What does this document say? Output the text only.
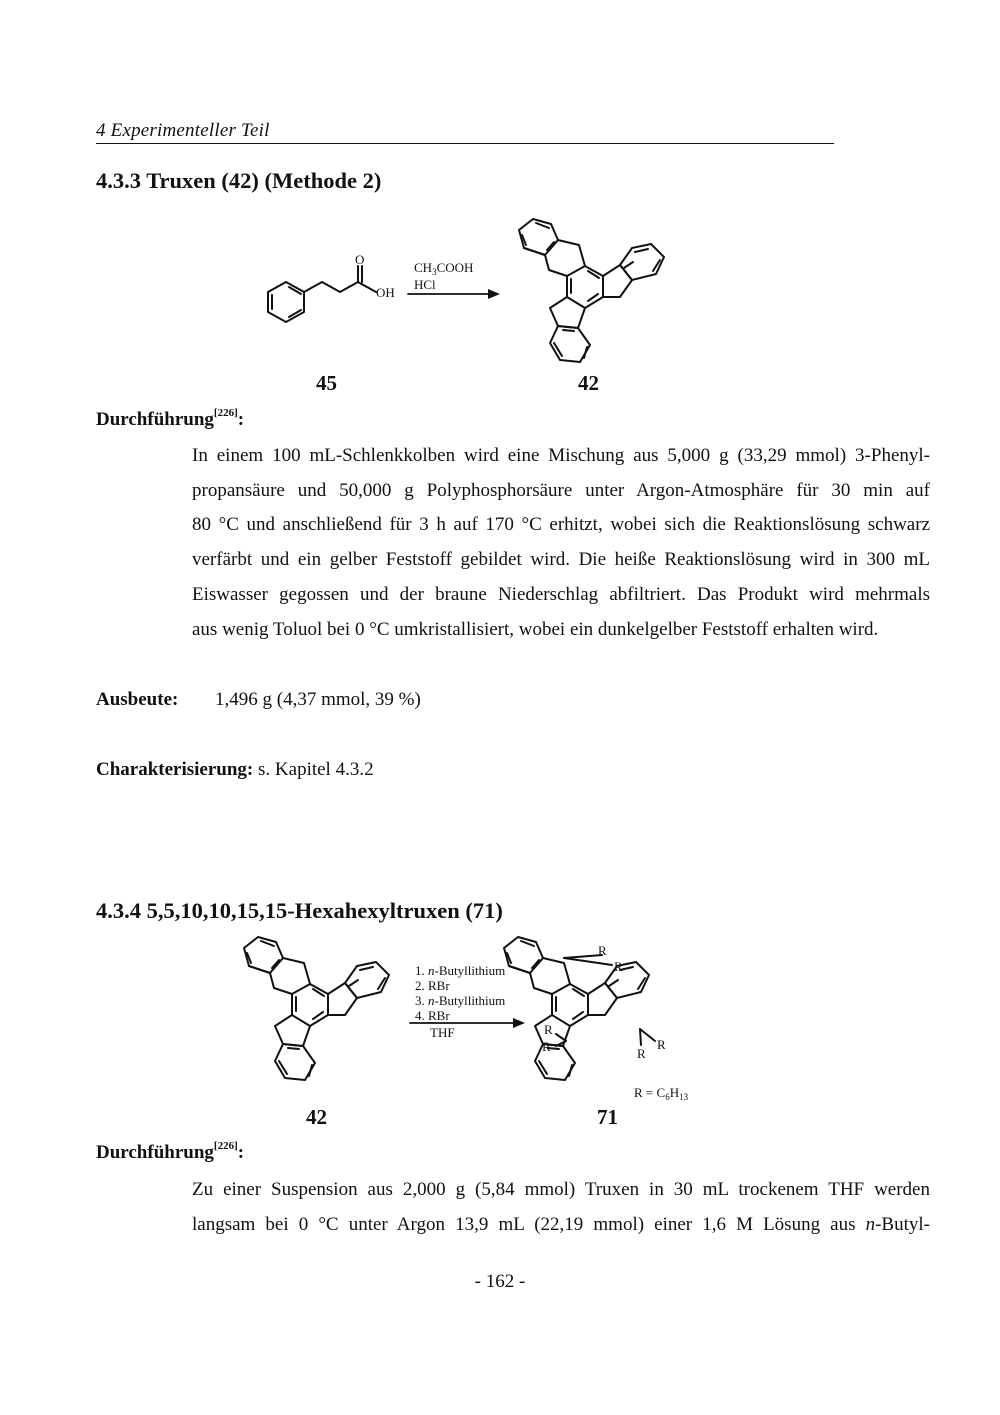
4 Experimenteller Teil
4.3.3 Truxen (42) (Methode 2)
O
OH
$CH_3COOH$
HCl
45	42
Durchführung[226]:

In einem 100 mL-Schlenkkolben wird eine Mischung aus 5,000 g (33,29 mmol) 3-Phenyl-

propansäure und 50,000 g Polyphosphorsäure unter Argon-Atmosphäre für 30 min auf

80 °C und anschließend für 3 h auf 170 °C erhitzt, wobei sich die Reaktionslösung schwarz

verfärbt und ein gelber Feststoff gebildet wird. Die heiße Reaktionslösung wird in 300 mL

Eiswasser gegossen und der braune Niederschlag abfiltriert. Das Produkt wird mehrmals

aus wenig Toluol bei 0 °C umkristallisiert, wobei ein dunkelgelber Feststoff erhalten wird.

Ausbeute: 1,496 g (4,37 mmol, 39 %)
Charakterisierung: s. Kapitel 4.3.2
4.3.4 5,5,10,10,15,15-Hexahexyltruxen (71)
1. n-Butyllithium
2. RBr
3. n-Butyllithium
4. RBr
THF
R
R
R
R
R
R
$R = C_6H_{13}$
42	71
Durchführung[226]:

Zu einer Suspension aus 2,000 g (5,84 mmol) Truxen in 30 mL trockenem THF werden

langsam bei 0 °C unter Argon 13,9 mL (22,19 mmol) einer 1,6 M Lösung aus n-Butyl-

- 162 -
